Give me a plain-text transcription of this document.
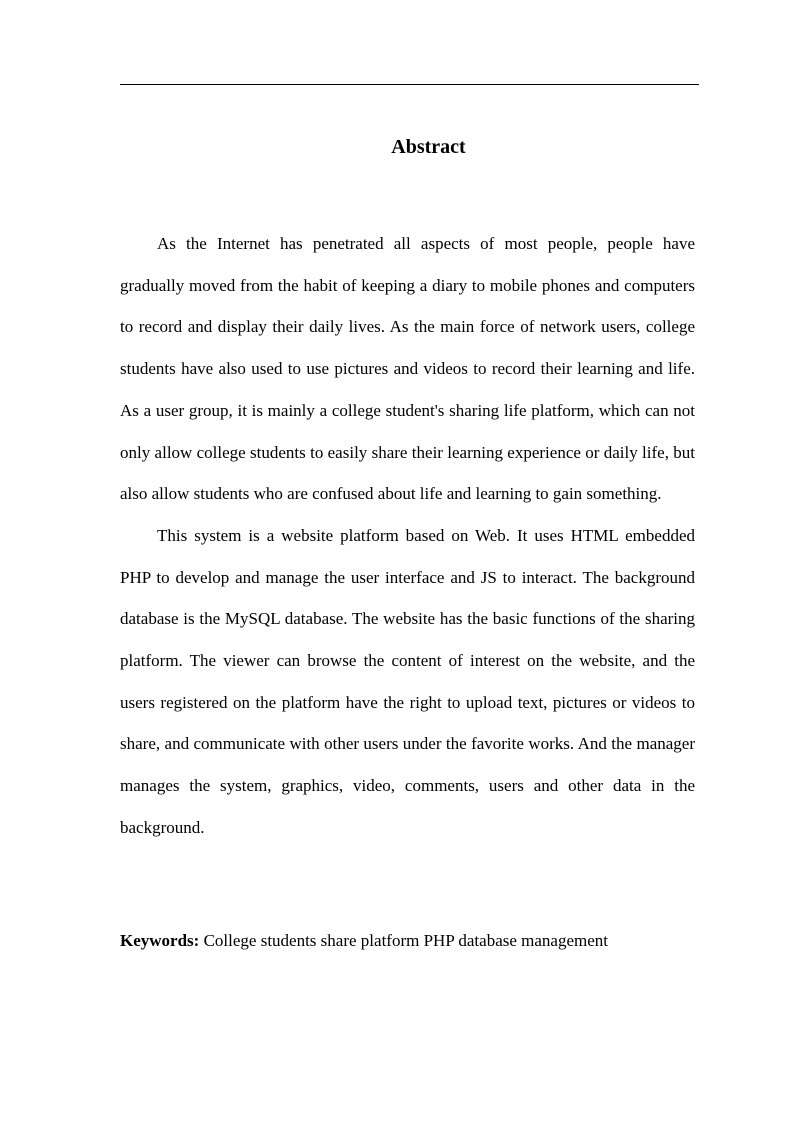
Abstract

As the Internet has penetrated all aspects of most people, people have gradually moved from the habit of keeping a diary to mobile phones and computers to record and display their daily lives. As the main force of network users, college students have also used to use pictures and videos to record their learning and life. As a user group, it is mainly a college student's sharing life platform, which can not only allow college students to easily share their learning experience or daily life, but also allow students who are confused about life and learning to gain something.

This system is a website platform based on Web. It uses HTML embedded PHP to develop and manage the user interface and JS to interact. The background database is the MySQL database. The website has the basic functions of the sharing platform. The viewer can browse the content of interest on the website, and the users registered on the platform have the right to upload text, pictures or videos to share, and communicate with other users under the favorite works. And the manager manages the system, graphics, video, comments, users and other data in the background.

Keywords: College students share platform PHP database management
